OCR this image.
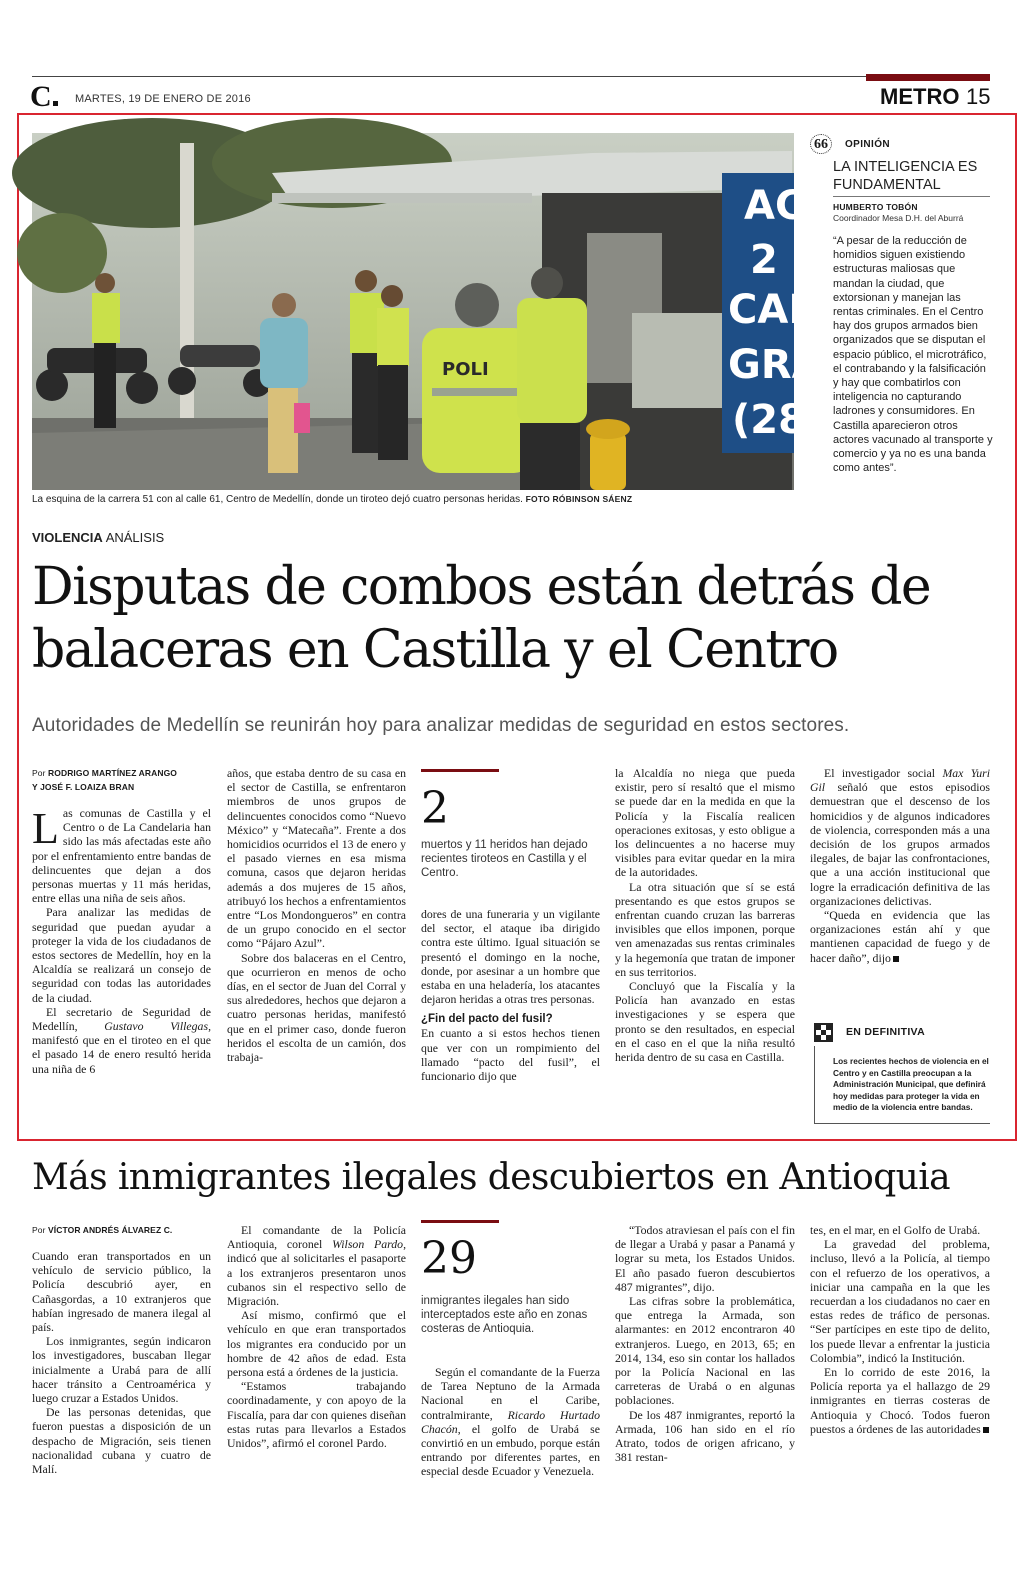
C	MARTES, 19 DE ENERO DE 2016	METRO 15
AC
2
CAN
GRA
(28
POLI
La esquina de la carrera 51 con al calle 61, Centro de Medellín, donde un tiroteo dejó cuatro personas heridas. FOTO RÓBINSON SÁENZ
66	OPINIÓN
LA INTELIGENCIA ES FUNDAMENTAL
HUMBERTO TOBÓN
Coordinador Mesa D.H. del Aburrá
“A pesar de la reducción de homidios siguen existiendo estructuras maliosas que mandan la ciudad, que extorsionan y manejan las rentas criminales. En el Centro hay dos grupos armados bien organizados que se disputan el espacio público, el microtráfico, el contrabando y la falsificación y hay que combatirlos con inteligencia no capturando ladrones y consumidores. En Castilla aparecieron otros actores vacunado al transporte y comercio y ya no es una banda como antes”.
VIOLENCIA ANÁLISIS
Disputas de combos están detrás de balaceras en Castilla y el Centro
Autoridades de Medellín se reunirán hoy para analizar medidas de seguridad en estos sectores.
Por RODRIGO MARTÍNEZ ARANGO
Y JOSÉ F. LOAIZA BRAN

Las comunas de Castilla y el Centro o de La Candelaria han sido las más afectadas este año por el enfrentamiento entre bandas de delincuentes que dejan a dos personas muertas y 11 más heridas, entre ellas una niña de seis años.

Para analizar las medidas de seguridad que puedan ayudar a proteger la vida de los ciudadanos de estos sectores de Medellín, hoy en la Alcaldía se realizará un consejo de seguridad con todas las autoridades de la ciudad.

El secretario de Seguridad de Medellín, Gustavo Villegas, manifestó que en el tiroteo en el que el pasado 14 de enero resultó herida una niña de 6

años, que estaba dentro de su casa en el sector de Castilla, se enfrentaron miembros de unos grupos de delincuentes conocidos como “Nuevo México” y “Matecaña”. Frente a dos homicidios ocurridos el 13 de enero y el pasado viernes en esa misma comuna, casos que dejaron heridas además a dos mujeres de 15 años, atribuyó los hechos a enfrentamientos entre “Los Mondongueros” en contra de un grupo conocido en el sector como “Pájaro Azul”.

Sobre dos balaceras en el Centro, que ocurrieron en menos de ocho días, en el sector de Juan del Corral y sus alrededores, hechos que dejaron a cuatro personas heridas, manifestó que en el primer caso, donde fueron heridos el escolta de un camión, dos trabaja-

2
muertos y 11 heridos han dejado recientes tiroteos en Castilla y el Centro.

dores de una funeraria y un vigilante del sector, el ataque iba dirigido contra este último. Igual situación se presentó el domingo en la noche, donde, por asesinar a un hombre que estaba en una heladería, los atacantes dejaron heridas a otras tres personas.

¿Fin del pacto del fusil?

En cuanto a si estos hechos tienen que ver con un rompimiento del llamado “pacto del fusil”, el funcionario dijo que

la Alcaldía no niega que pueda existir, pero sí resaltó que el mismo se puede dar en la medida en que la Policía y la Fiscalía realicen operaciones exitosas, y esto obligue a los delincuentes a no hacerse muy visibles para evitar quedar en la mira de la autoridades.

La otra situación que sí se está presentando es que estos grupos se enfrentan cuando cruzan las barreras invisibles que ellos imponen, porque ven amenazadas sus rentas criminales y la hegemonía que tratan de imponer en sus territorios.

Concluyó que la Fiscalía y la Policía han avanzado en estas investigaciones y se espera que pronto se den resultados, en especial en el caso en el que la niña resultó herida dentro de su casa en Castilla.

El investigador social Max Yuri Gil señaló que estos episodios demuestran que el descenso de los homicidios y de algunos indicadores de violencia, corresponden más a una decisión de los grupos armados ilegales, de bajar las confrontaciones, que a una acción institucional que logre la erradicación definitiva de las organizaciones delictivas.

“Queda en evidencia que las organizaciones están ahí y que mantienen capacidad de fuego y de hacer daño”, dijo

EN DEFINITIVA
Los recientes hechos de violencia en el Centro y en Castilla preocupan a la Administración Municipal, que definirá hoy medidas para proteger la vida en medio de la violencia entre bandas.
Más inmigrantes ilegales descubiertos en Antioquia
Por VÍCTOR ANDRÉS ÁLVAREZ C.

Cuando eran transportados en un vehículo de servicio público, la Policía descubrió ayer, en Cañasgordas, a 10 extranjeros que habían ingresado de manera ilegal al país.

Los inmigrantes, según indicaron los investigadores, buscaban llegar inicialmente a Urabá para de allí hacer tránsito a Centroamérica y luego cruzar a Estados Unidos.

De las personas detenidas, que fueron puestas a disposición de un despacho de Migración, seis tienen nacionalidad cubana y cuatro de Malí.

El comandante de la Policía Antioquia, coronel Wilson Pardo, indicó que al solicitarles el pasaporte a los extranjeros presentaron unos cubanos sin el respectivo sello de Migración.

Así mismo, confirmó que el vehículo en que eran transportados los migrantes era conducido por un hombre de 42 años de edad. Esta persona está a órdenes de la justicia.

“Estamos trabajando coordinadamente, y con apoyo de la Fiscalía, para dar con quienes diseñan estas rutas para llevarlos a Estados Unidos”, afirmó el coronel Pardo.

29
inmigrantes ilegales han sido interceptados este año en zonas costeras de Antioquia.

Según el comandante de la Fuerza de Tarea Neptuno de la Armada Nacional en el Caribe, contralmirante, Ricardo Hurtado Chacón, el golfo de Urabá se convirtió en un embudo, porque están entrando por diferentes partes, en especial desde Ecuador y Venezuela.

“Todos atraviesan el país con el fin de llegar a Urabá y pasar a Panamá y lograr su meta, los Estados Unidos. El año pasado fueron descubiertos 487 migrantes”, dijo.

Las cifras sobre la problemática, que entrega la Armada, son alarmantes: en 2012 encontraron 40 extranjeros. Luego, en 2013, 65; en 2014, 134, eso sin contar los hallados por la Policía Nacional en las carreteras de Urabá o en algunas poblaciones.

De los 487 inmigrantes, reportó la Armada, 106 han sido en el río Atrato, todos de origen africano, y 381 restan-

tes, en el mar, en el Golfo de Urabá.

La gravedad del problema, incluso, llevó a la Policía, al tiempo con el refuerzo de los operativos, a iniciar una campaña en la que les recuerdan a los ciudadanos no caer en estas redes de tráfico de personas. “Ser partícipes en este tipo de delito, los puede llevar a enfrentar la justicia Colombia”, indicó la Institución.

En lo corrido de este 2016, la Policía reporta ya el hallazgo de 29 inmigrantes en tierras costeras de Antioquia y Chocó. Todos fueron puestos a órdenes de las autoridades
